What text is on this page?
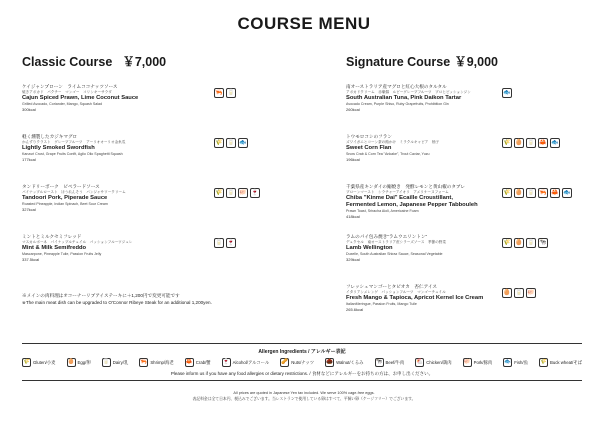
COURSE MENU
Classic Course ￥7,000
ケイジャンプローン　ライムココナッツソース
焼きアボカド　パクチー　マンゴー　コリンキーサラダ
Cajun Spiced Prawn, Lime Coconut Sauce
Grilled Avocado, Coriander, Mango, Squash Salad
300kcal
🦐 🥛
軽く燻製したカジキマグロ
かんずりクラスト　グレープフルーツ　アーリオオーリオ金糸瓜
Lightly Smoked Swordfish
Kanzuri Crust, Grape Fruits Confit, Aglio Olio Spaghetti Squash
177kcal
🌾 🥛 🐟
タンドリーポーク　ピペラードソース
パイナップルロースト　ほうれんそう　パンジャサワークリーム
Tandoori Pork, Piperade Sauce
Roasted Pineapple, Indian Spinach, Beet Sour Cream
327kcal
🌾 🥛 🐖 🍷
ミントとミルクセミフレッド
マスカルポーネ　パイナップルチュイル　パッションフルーツジュレ
Mint & Milk Semifreddo
Mascarpone, Pineapple Tuile, Passion Fruits Jelly
337.5kcal
🥛 🍷
Signature Course ￥9,000
南オーストラリア産マグロと紅心大根のタルタル
アボカドクリーム　赤紫蘇　ルビーグレープフルーツ　プロヒビッションジン
South Australian Tuna, Pink Daikon Tartar
Avocado Cream, Purple Shiso, Ruby Grapefruits, Prohibition Gin
260kcal
🐟
トウモロコシのフラン
ズワイガニとコーン茶の餡かけ　ミラクルキャビア　柚子
Sweet Corn Flan
Snow Crab & Corn Tea "Ankake", Trout Caviar, Yuzu
196kcal
🌾 🥚 🥛 🦀 🐟
千葉県産キンダイの鰯焼き　発酵レモンと黄山椒のタブレ
プローンマースト　シラチャーアイオリ　アメリケーヌフォーム
Chiba "Kinme Dai" Ecaille Croustillant,
Fermented Lemon, Japanese Pepper Tabbouleh
Prawn Toast, Sriracha Aioli, Americaine Foam
418kcal
🌾 🥚 🥛 🦐 🦀 🐟
ラムのパイ包み焼き“ラムウエリントン”
デュクセル　南オーストラリア産シラーズソース　季節の野菜
Lamb Wellington
Duxelle, South Australian Shiraz Sauce, Seasonal Vegetable
329kcal
🌾 🥚 🥛 🐄
フレッシュマンゴーとタピオカ　杏仁アイス
イタリアンメレンゲ　パッションフルーツ　マンゴーチュイル
Fresh Mango & Tapioca, Apricot Kernel Ice Cream
ItalianMeringue, Passion Fruits, Mango Tuile
265.6kcal
🥚 🥛 🐖
※メインの肉料理はオコーナーリブアイステーキに＋1,200円で変更可能です
※The main meat dish can be upgraded to O'Connor Ribeye Steak for an additional 1,200yen.
Allergen Ingredients / アレルギー表記
🌾 Gluten/小麦 🥚 Egg/卵 🥛 Dairy/乳 🦐 Shrimp/海老 🦀 Crab/蟹 🍷 Alcohol/アルコール 🥜 Nuts/ナッツ 🌰 Walnut/くるみ 🐄 Beef/牛肉 🐔 Chicken/鶏肉 🐖 Pork/豚肉 🐟 Fish/魚 🌾 Buck wheat/そば
Please inform us if you have any food allergies or dietary restrictions. / 食材などにアレルギーをお持ちの方は、お申し出ください。
All prices are quoted in Japanese Yen tax included. We serve 100% cage-free eggs.
表記料金は全て日本円、税込みでございます。当レストランで使用している卵はすべて、平飼い卵（ケージフリー）でございます。
